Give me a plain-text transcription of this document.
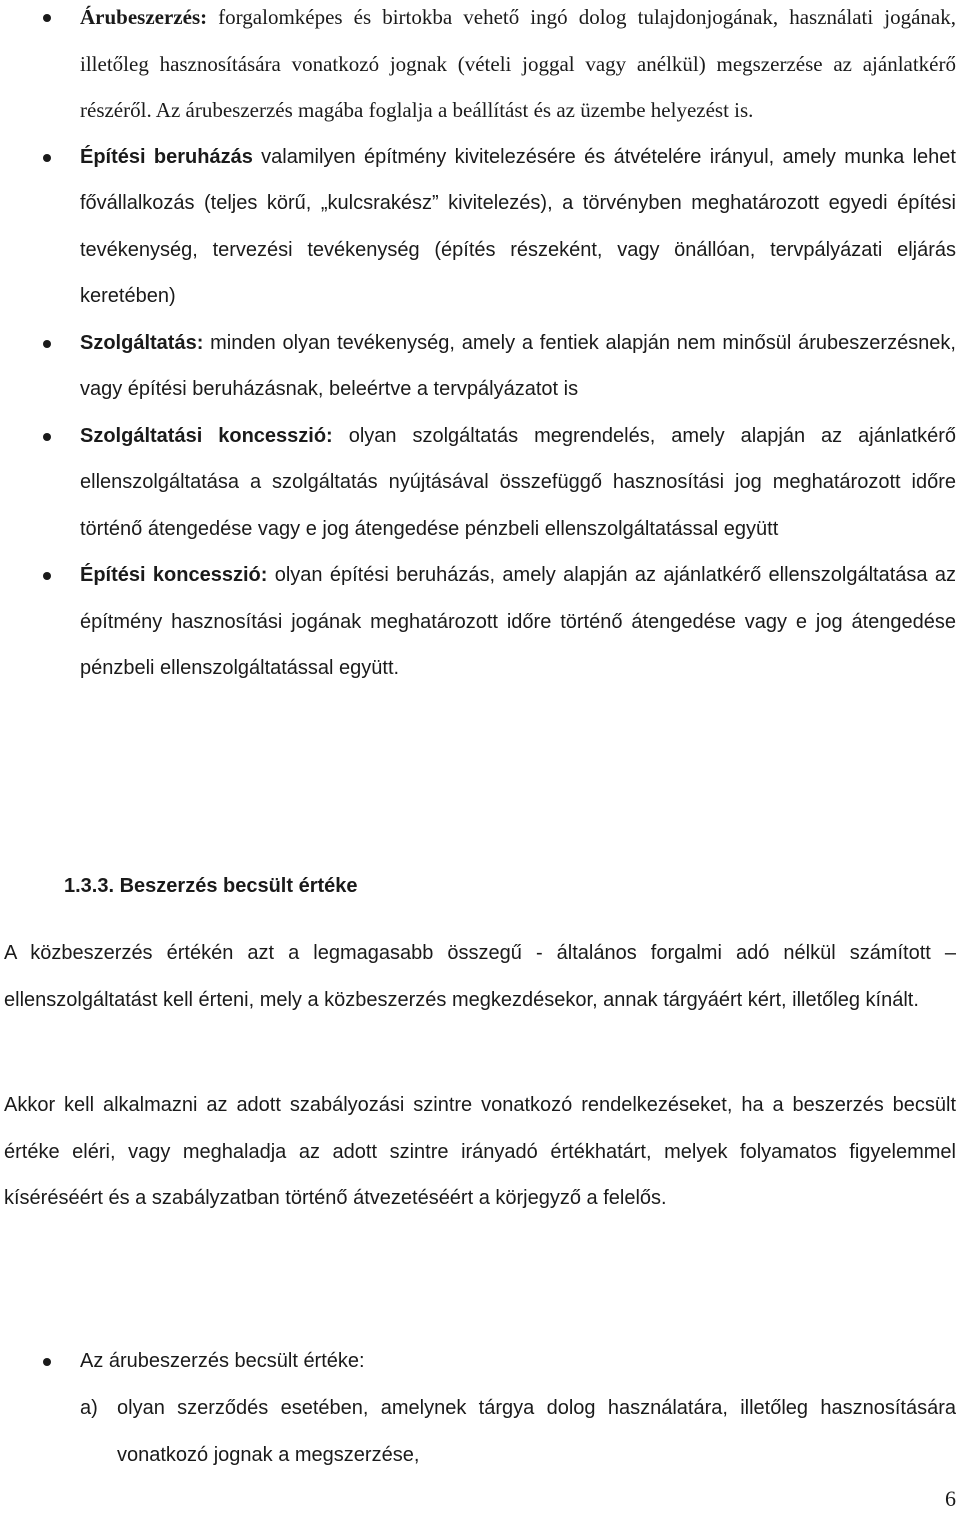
Árubeszerzés: forgalomképes és birtokba vehető ingó dolog tulajdonjogának, használati jogának, illetőleg hasznosítására vonatkozó jognak (vételi joggal vagy anélkül) megszerzése az ajánlatkérő részéről. Az árubeszerzés magába foglalja a beállítást és az üzembe helyezést is.
Építési beruházás valamilyen építmény kivitelezésére és átvételére irányul, amely munka lehet fővállalkozás (teljes körű, „kulcsrakész” kivitelezés), a törvényben meghatározott egyedi építési tevékenység, tervezési tevékenység (építés részeként, vagy önállóan, tervpályázati eljárás keretében)
Szolgáltatás: minden olyan tevékenység, amely a fentiek alapján nem minősül árubeszerzésnek, vagy építési beruházásnak, beleértve a tervpályázatot is
Szolgáltatási koncesszió: olyan szolgáltatás megrendelés, amely alapján az ajánlatkérő ellenszolgáltatása a szolgáltatás nyújtásával összefüggő hasznosítási jog meghatározott időre történő átengedése vagy e jog átengedése pénzbeli ellenszolgáltatással együtt
Építési koncesszió: olyan építési beruházás, amely alapján az ajánlatkérő ellenszolgáltatása az építmény hasznosítási jogának meghatározott időre történő átengedése vagy e jog átengedése pénzbeli ellenszolgáltatással együtt.
1.3.3. Beszerzés becsült értéke

A közbeszerzés értékén azt a legmagasabb összegű - általános forgalmi adó nélkül számított – ellenszolgáltatást kell érteni, mely a közbeszerzés megkezdésekor, annak tárgyáért kért, illetőleg kínált.

Akkor kell alkalmazni az adott szabályozási szintre vonatkozó rendelkezéseket, ha a beszerzés becsült értéke eléri, vagy meghaladja az adott szintre irányadó értékhatárt, melyek folyamatos figyelemmel kíséréséért és a szabályzatban történő átvezetéséért a körjegyző a felelős.

Az árubeszerzés becsült értéke:
a) olyan szerződés esetében, amelynek tárgya dolog használatára, illetőleg hasznosítására vonatkozó jognak a megszerzése,
6
